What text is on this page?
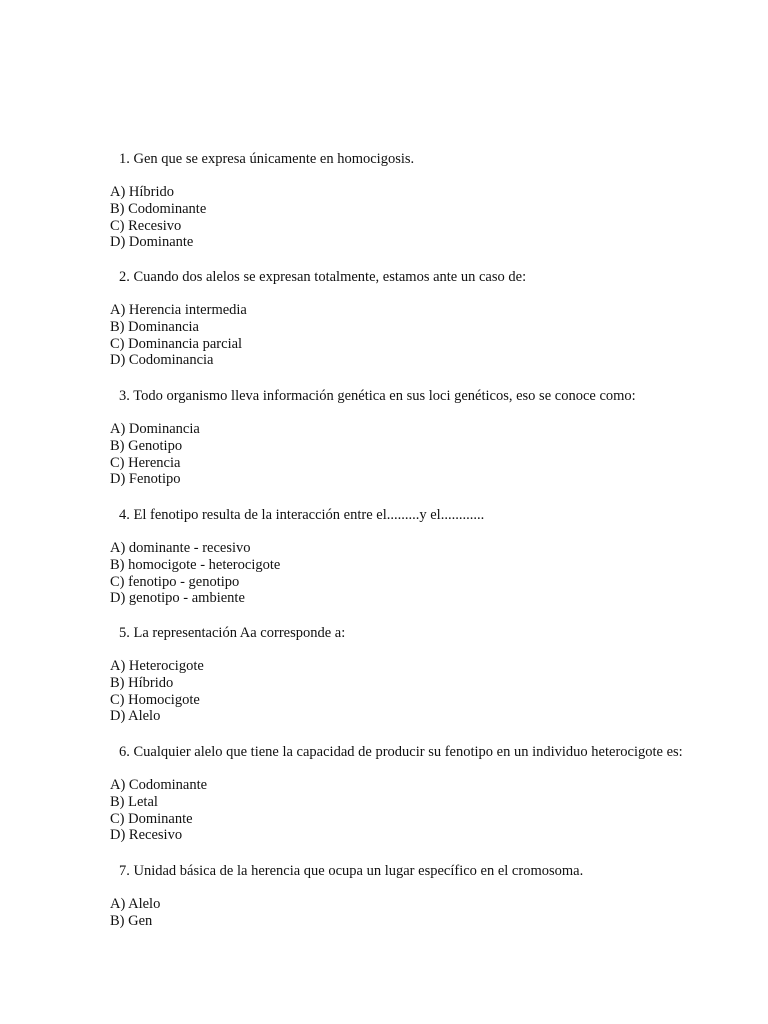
1. Gen que se expresa únicamente en homocigosis.
A) Híbrido
B) Codominante
C) Recesivo
D) Dominante
2. Cuando dos alelos se expresan totalmente, estamos ante un caso de:
A) Herencia intermedia
B) Dominancia
C) Dominancia parcial
D) Codominancia
3. Todo organismo lleva información genética en sus loci genéticos, eso se conoce como:
A) Dominancia
B) Genotipo
C) Herencia
D) Fenotipo
4. El fenotipo resulta de la interacción entre el.........y el............
A) dominante - recesivo
B) homocigote - heterocigote
C) fenotipo - genotipo
D) genotipo - ambiente
5. La representación Aa corresponde a:
A) Heterocigote
B) Híbrido
C) Homocigote
D) Alelo
6. Cualquier alelo que tiene la capacidad de producir su fenotipo en un individuo heterocigote es:
A) Codominante
B) Letal
C) Dominante
D) Recesivo
7. Unidad básica de la herencia que ocupa un lugar específico en el cromosoma.
A) Alelo
B) Gen
